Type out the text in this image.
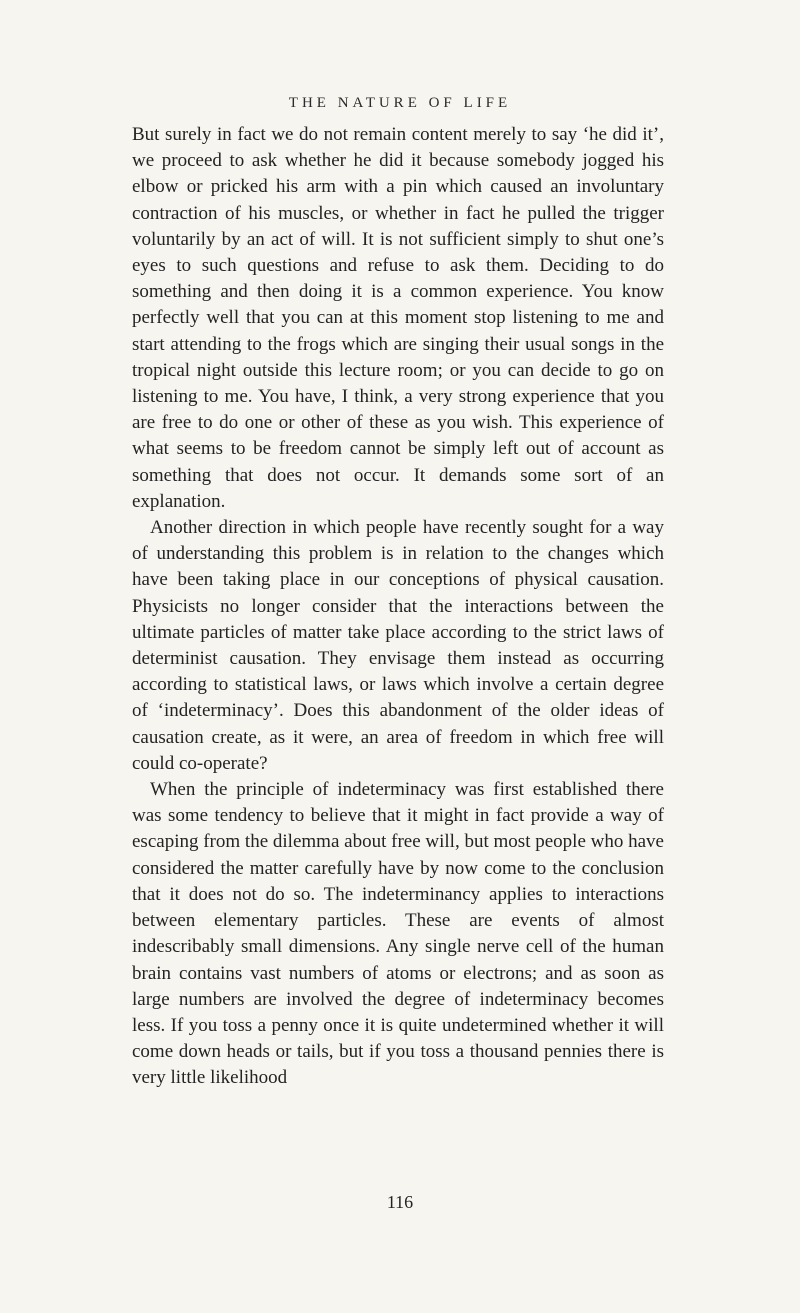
THE NATURE OF LIFE

But surely in fact we do not remain content merely to say ‘he did it’, we proceed to ask whether he did it because somebody jogged his elbow or pricked his arm with a pin which caused an involuntary contraction of his muscles, or whether in fact he pulled the trigger voluntarily by an act of will. It is not sufficient simply to shut one’s eyes to such questions and refuse to ask them. Deciding to do something and then doing it is a common experience. You know perfectly well that you can at this moment stop listening to me and start attending to the frogs which are singing their usual songs in the tropical night outside this lecture room; or you can decide to go on listening to me. You have, I think, a very strong experience that you are free to do one or other of these as you wish. This experience of what seems to be freedom cannot be simply left out of account as something that does not occur. It demands some sort of an explanation.

Another direction in which people have recently sought for a way of understanding this problem is in relation to the changes which have been taking place in our conceptions of physical causation. Physicists no longer consider that the interactions between the ultimate particles of matter take place according to the strict laws of determinist causation. They envisage them instead as occurring according to statistical laws, or laws which involve a certain degree of ‘indeterminacy’. Does this abandonment of the older ideas of causation create, as it were, an area of freedom in which free will could co-operate?

When the principle of indeterminacy was first established there was some tendency to believe that it might in fact provide a way of escaping from the dilemma about free will, but most people who have considered the matter carefully have by now come to the conclusion that it does not do so. The indeterminancy applies to interactions between elementary particles. These are events of almost indescribably small dimensions. Any single nerve cell of the human brain contains vast numbers of atoms or electrons; and as soon as large numbers are involved the degree of indeterminacy becomes less. If you toss a penny once it is quite undetermined whether it will come down heads or tails, but if you toss a thousand pennies there is very little likelihood

116
